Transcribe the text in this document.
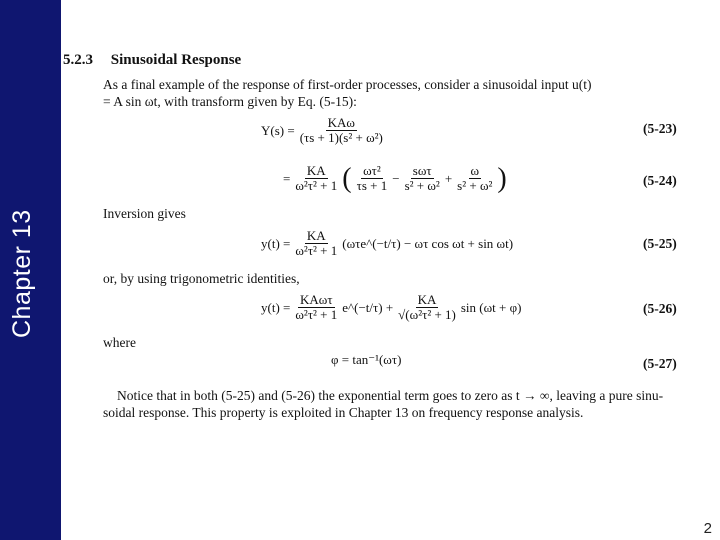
Chapter 13
5.2.3 Sinusoidal Response
As a final example of the response of first-order processes, consider a sinusoidal input u(t)
= A sin ωt, with transform given by Eq. (5-15):
$Y(s) = \frac{\text{KAω}}{\text{(τs + 1)(s² + ω²)}}$	(5-23)
= $\frac{KA}{\text{ω²τ² + 1}}$ ( $\frac{\text{ωτ²}}{\tau s + 1} - \frac{\text{sωτ}}{\text{s² + ω²}} + \frac{\omega}{\text{s² + ω²}}$ )	(5-24)
Inversion gives
$y(t) = \frac{KA}{\text{ω²τ² + 1}}$ (ωτe^(−t/τ) − ωτ cos ωt + sin ωt)	(5-25)
or, by using trigonometric identities,
$y(t) = \frac{\text{KAωτ}}{\text{ω²τ² + 1}}$ e^(−t/τ) + $\frac{KA}{\text{√(ω²τ² + 1)}}$ sin (ωt + φ)	(5-26)
where
φ = tan⁻¹(ωτ)	(5-27)
Notice that in both (5-25) and (5-26) the exponential term goes to zero as t → ∞, leaving a pure sinu-
soidal response. This property is exploited in Chapter 13 on frequency response analysis.
2
